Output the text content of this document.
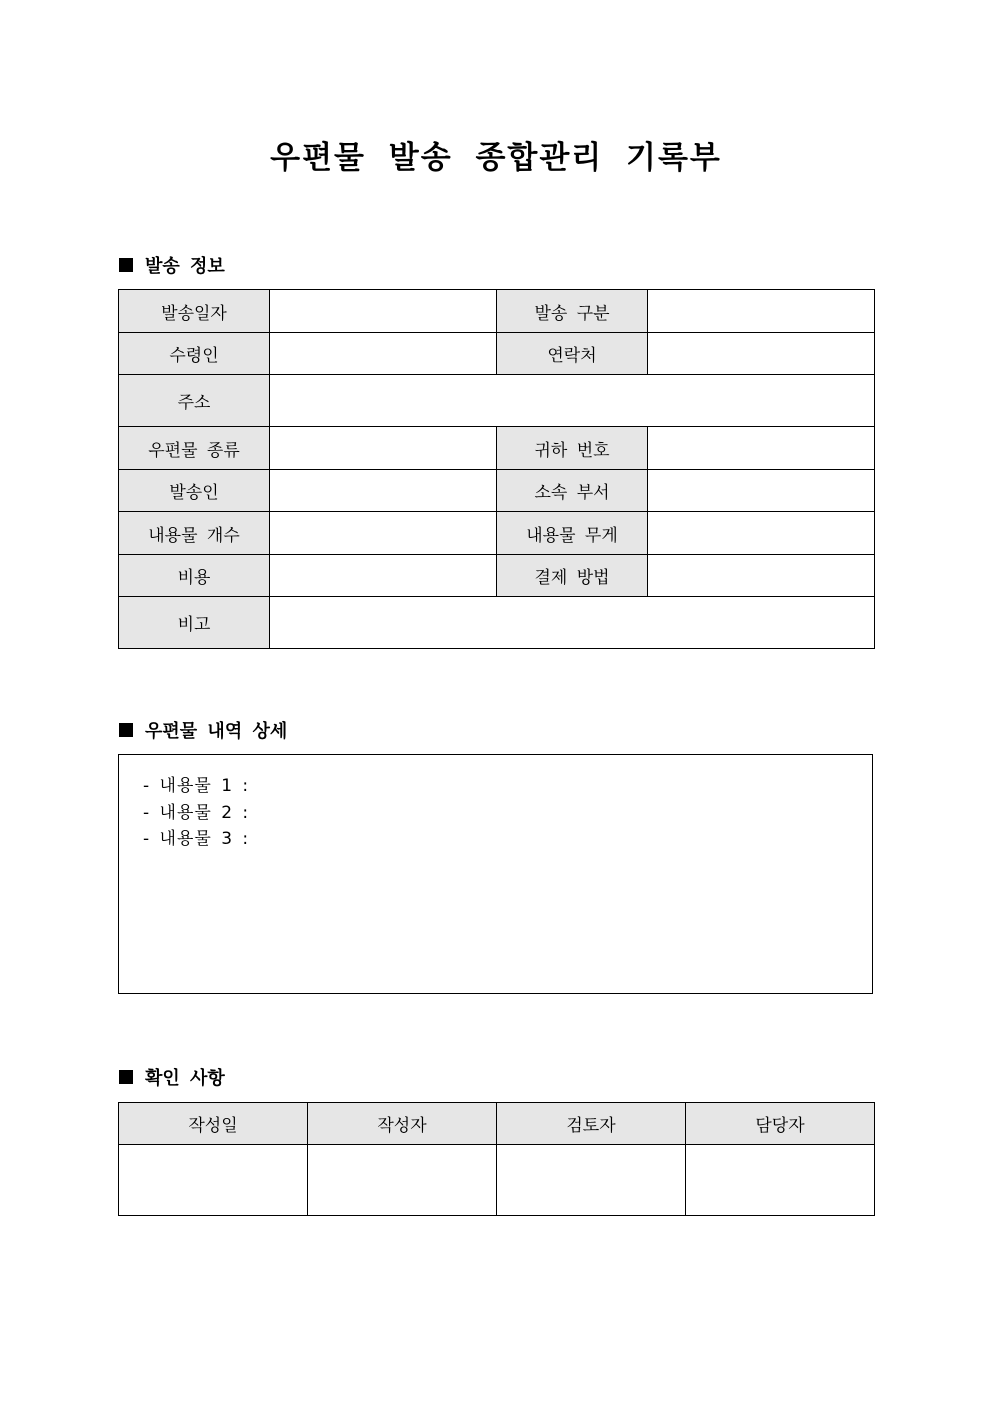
우편물 발송 종합관리 기록부
발송 정보
발송일자		발송 구분	
수령인		연락처	
주소			
우편물 종류		귀하 번호	
발송인		소속 부서	
내용물 개수		내용물 무게	
비용		결제 방법	
비고			
우편물 내역 상세
- 내용물 1 :
- 내용물 2 :
- 내용물 3 :
확인 사항
작성일	작성자	검토자	담당자
